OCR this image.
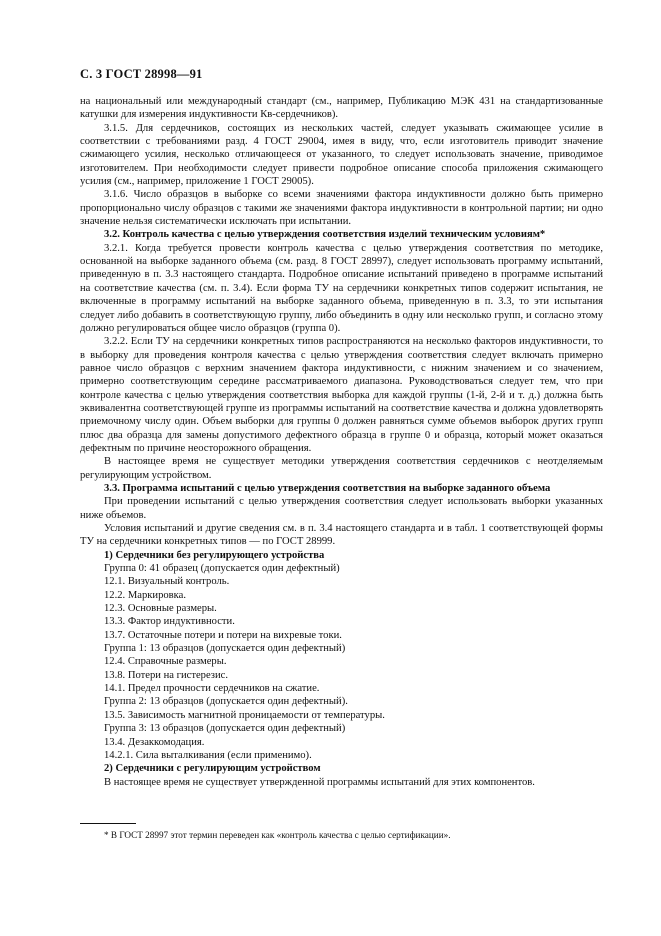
С. 3 ГОСТ 28998—91

на национальный или международный стандарт (см., например, Публикацию МЭК 431 на стандартизованные катушки для измерения индуктивности Кв-сердечников).

3.1.5. Для сердечников, состоящих из нескольких частей, следует указывать сжимающее усилие в соответствии с требованиями разд. 4 ГОСТ 29004, имея в виду, что, если изготовитель приводит значение сжимающего усилия, несколько отличающееся от указанного, то следует использовать значение, приводимое изготовителем. При необходимости следует привести подробное описание способа приложения сжимающего усилия (см., например, приложение 1 ГОСТ 29005).

3.1.6. Число образцов в выборке со всеми значениями фактора индуктивности должно быть примерно пропорционально числу образцов с такими же значениями фактора индуктивности в контрольной партии; ни одно значение нельзя систематически исключать при испытании.

3.2. Контроль качества с целью утверждения соответствия изделий техническим условиям*

3.2.1. Когда требуется провести контроль качества с целью утверждения соответствия по методике, основанной на выборке заданного объема (см. разд. 8 ГОСТ 28997), следует использовать программу испытаний, приведенную в п. 3.3 настоящего стандарта. Подробное описание испытаний приведено в программе испытаний на соответствие качества (см. п. 3.4). Если форма ТУ на сердечники конкретных типов содержит испытания, не включенные в программу испытаний на выборке заданного объема, приведенную в п. 3.3, то эти испытания следует либо добавить в соответствующую группу, либо объединить в одну или несколько групп, и согласно этому должно регулироваться общее число образцов (группа 0).

3.2.2. Если ТУ на сердечники конкретных типов распространяются на несколько факторов индуктивности, то в выборку для проведения контроля качества с целью утверждения соответствия следует включать примерно равное число образцов с верхним значением фактора индуктивности, с нижним значением и со значением, примерно соответствующим середине рассматриваемого диапазона. Руководствоваться следует тем, что при контроле качества с целью утверждения соответствия выборка для каждой группы (1-й, 2-й и т. д.) должна быть эквивалентна соответствующей группе из программы испытаний на соответствие качества и должна удовлетворять приемочному числу один. Объем выборки для группы 0 должен равняться сумме объемов выборок других групп плюс два образца для замены допустимого дефектного образца в группе 0 и образца, который может оказаться дефектным по причине неосторожного обращения.

В настоящее время не существует методики утверждения соответствия сердечников с неотделяемым регулирующим устройством.

3.3. Программа испытаний с целью утверждения соответствия на выборке заданного объема

При проведении испытаний с целью утверждения соответствия следует использовать выборки указанных ниже объемов.

Условия испытаний и другие сведения см. в п. 3.4 настоящего стандарта и в табл. 1 соответствующей формы ТУ на сердечники конкретных типов — по ГОСТ 28999.

1) Сердечники без регулирующего устройства

Группа 0: 41 образец (допускается один дефектный)

12.1. Визуальный контроль.

12.2. Маркировка.

12.3. Основные размеры.

13.3. Фактор индуктивности.

13.7. Остаточные потери и потери на вихревые токи.

Группа 1: 13 образцов (допускается один дефектный)

12.4. Справочные размеры.

13.8. Потери на гистерезис.

14.1. Предел прочности сердечников на сжатие.

Группа 2: 13 образцов (допускается один дефектный).

13.5. Зависимость магнитной проницаемости от температуры.

Группа 3: 13 образцов (допускается один дефектный)

13.4. Дезаккомодация.

14.2.1. Сила выталкивания (если применимо).

2) Сердечники с регулирующим устройством

В настоящее время не существует утвержденной программы испытаний для этих компонентов.

* В ГОСТ 28997 этот термин переведен как «контроль качества с целью сертификации».
